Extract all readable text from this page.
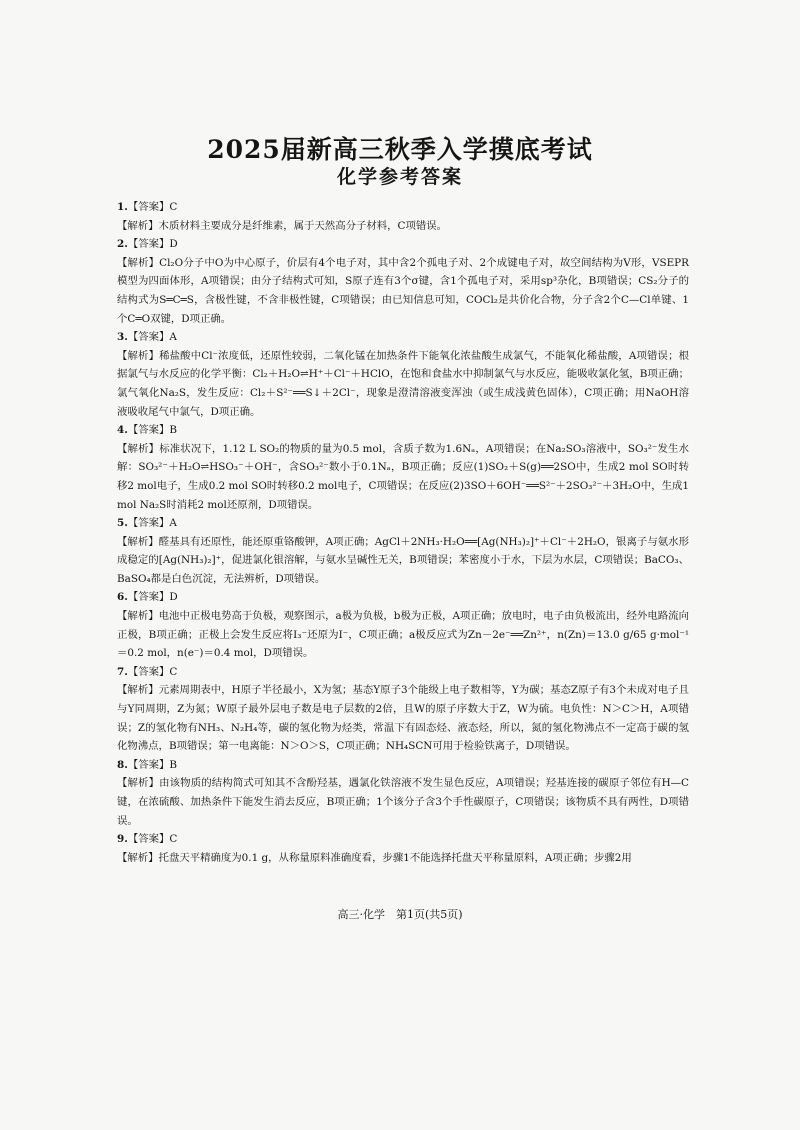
2025届新高三秋季入学摸底考试
化学参考答案
1.【答案】C
【解析】木质材料主要成分是纤维素，属于天然高分子材料，C项错误。
2.【答案】D
【解析】Cl₂O分子中O为中心原子，价层有4个电子对，其中含2个孤电子对、2个成键电子对，故空间结构为V形，VSEPR模型为四面体形，A项错误；由分子结构式可知，S原子连有3个σ键，含1个孤电子对，采用sp³杂化，B项错误；CS₂分子的结构式为S═C═S，含极性键，不含非极性键，C项错误；由已知信息可知，COCl₂是共价化合物，分子含2个C—Cl单键、1个C═O双键，D项正确。
3.【答案】A
【解析】稀盐酸中Cl⁻浓度低，还原性较弱，二氧化锰在加热条件下能氧化浓盐酸生成氯气，不能氧化稀盐酸，A项错误；根据氯气与水反应的化学平衡：Cl₂＋H₂O⇌H⁺＋Cl⁻＋HClO，在饱和食盐水中抑制氯气与水反应，能吸收氯化氢，B项正确；氯气氧化Na₂S，发生反应：Cl₂＋S²⁻══S↓＋2Cl⁻，现象是澄清溶液变浑浊（或生成浅黄色固体），C项正确；用NaOH溶液吸收尾气中氯气，D项正确。
4.【答案】B
【解析】标准状况下，1.12 L SO₂的物质的量为0.5 mol，含质子数为1.6Nₐ，A项错误；在Na₂SO₃溶液中，SO₃²⁻发生水解：SO₃²⁻＋H₂O⇌HSO₃⁻＋OH⁻，含SO₃²⁻数小于0.1Nₐ，B项正确；反应(1)SO₂＋S(g)══2SO中，生成2 mol SO时转移2 mol电子，生成0.2 mol SO时转移0.2 mol电子，C项错误；在反应(2)3SO＋6OH⁻══S²⁻＋2SO₃²⁻＋3H₂O中，生成1 mol Na₂S时消耗2 mol还原剂，D项错误。
5.【答案】A
【解析】醛基具有还原性，能还原重铬酸钾，A项正确；AgCl＋2NH₃·H₂O══[Ag(NH₃)₂]⁺＋Cl⁻＋2H₂O，银离子与氨水形成稳定的[Ag(NH₃)₂]⁺，促进氯化银溶解，与氨水呈碱性无关，B项错误；苯密度小于水，下层为水层，C项错误；BaCO₃、BaSO₄都是白色沉淀，无法辨析，D项错误。
6.【答案】D
【解析】电池中正极电势高于负极，观察图示，a极为负极，b极为正极，A项正确；放电时，电子由负极流出，经外电路流向正极，B项正确；正极上会发生反应将I₃⁻还原为I⁻，C项正确；a极反应式为Zn－2e⁻══Zn²⁺，n(Zn)＝13.0 g/65 g·mol⁻¹＝0.2 mol，n(e⁻)＝0.4 mol，D项错误。
7.【答案】C
【解析】元素周期表中，H原子半径最小，X为氢；基态Y原子3个能级上电子数相等，Y为碳；基态Z原子有3个未成对电子且与Y同周期，Z为氮；W原子最外层电子数是电子层数的2倍，且W的原子序数大于Z，W为硫。电负性：N＞C＞H，A项错误；Z的氢化物有NH₃、N₂H₄等，碳的氢化物为烃类，常温下有固态烃、液态烃，所以，氮的氢化物沸点不一定高于碳的氢化物沸点，B项错误；第一电离能：N＞O＞S，C项正确；NH₄SCN可用于检验铁离子，D项错误。
8.【答案】B
【解析】由该物质的结构简式可知其不含酚羟基，遇氯化铁溶液不发生显色反应，A项错误；羟基连接的碳原子邻位有H—C键，在浓硫酸、加热条件下能发生消去反应，B项正确；1个该分子含3个手性碳原子，C项错误；该物质不具有两性，D项错误。
9.【答案】C
【解析】托盘天平精确度为0.1 g，从称量原料准确度看，步骤1不能选择托盘天平称量原料，A项正确；步骤2用
高三·化学　第1页(共5页)
